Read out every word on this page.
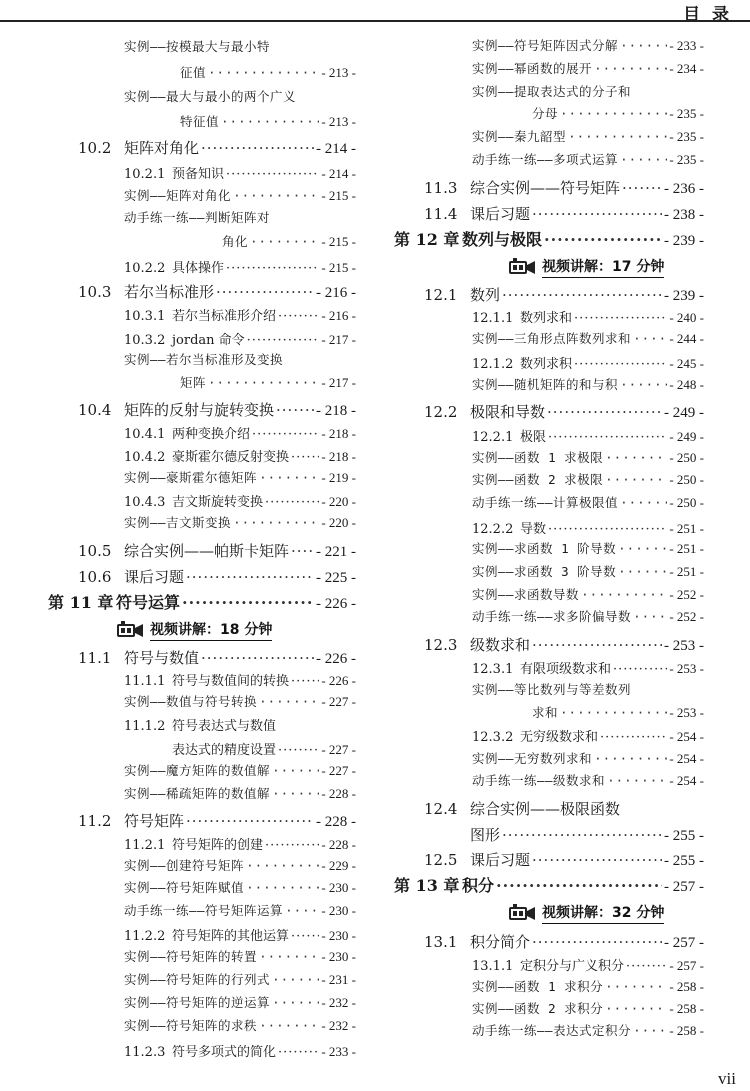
目 录
实例——按模最大与最小特
征值 ·····	- 213 -
实例——最大与最小的两个广义
特征值 ·····	- 213 -
10.2 矩阵对角化 ·····	- 214 -
10.2.1 预备知识 ·····	- 214 -
实例——矩阵对角化 ·····	- 215 -
动手练一练——判断矩阵对
角化 ·····	- 215 -
10.2.2 具体操作 ·····	- 215 -
10.3 若尔当标准形 ·····	- 216 -
10.3.1 若尔当标准形介绍 ·····	- 216 -
10.3.2 jordan 命令 ·····	- 217 -
实例——若尔当标准形及变换
矩阵 ·····	- 217 -
10.4 矩阵的反射与旋转变换 ·····	- 218 -
10.4.1 两种变换介绍 ·····	- 218 -
10.4.2 豪斯霍尔德反射变换 ····· - 218 -
实例——豪斯霍尔德矩阵 ·····	- 219 -
10.4.3 吉文斯旋转变换 ·····	- 220 -
实例——吉文斯变换 ·····	- 220 -
10.5 综合实例——帕斯卡矩阵 ····· - 221 -
10.6 课后习题 ·····	- 225 -
第 11 章 符号运算 ·····	- 226 -
视频讲解：18 分钟
11.1 符号与数值 ·····	- 226 -
11.1.1 符号与数值间的转换 ····· - 226 -
实例——数值与符号转换 ·····	- 227 -
11.1.2 符号表达式与数值
表达式的精度设置 ·····	- 227 -
实例——魔方矩阵的数值解 ·····	- 227 -
实例——稀疏矩阵的数值解 ·····	- 228 -
11.2 符号矩阵 ·····	- 228 -
11.2.1 符号矩阵的创建 ·····	- 228 -
实例——创建符号矩阵 ·····	- 229 -
实例——符号矩阵赋值 ·····	- 230 -
动手练一练——符号矩阵运算 ·····	- 230 -
11.2.2 符号矩阵的其他运算 ····· - 230 -
实例——符号矩阵的转置 ·····	- 230 -
实例——符号矩阵的行列式 ·····	- 231 -
实例——符号矩阵的逆运算 ·····	- 232 -
实例——符号矩阵的求秩 ·····	- 232 -
11.2.3 符号多项式的简化 ·····	- 233 -
实例——符号矩阵因式分解 ·····	- 233 -
实例——幂函数的展开 ·····	- 234 -
实例——提取表达式的分子和
分母 ·····	- 235 -
实例——秦九韶型 ·····	- 235 -
动手练一练——多项式运算 ·····	- 235 -
11.3 综合实例——符号矩阵 ·····	- 236 -
11.4 课后习题 ·····	- 238 -
第 12 章 数列与极限 ·····	- 239 -
视频讲解：17 分钟
12.1 数列 ·····	- 239 -
12.1.1 数列求和 ·····	- 240 -
实例——三角形点阵数列求和 ·····	- 244 -
12.1.2 数列求积 ·····	- 245 -
实例——随机矩阵的和与积 ·····	- 248 -
12.2 极限和导数 ·····	- 249 -
12.2.1 极限 ·····	- 249 -
实例——函数 1 求极限 ·····	- 250 -
实例——函数 2 求极限 ·····	- 250 -
动手练一练——计算极限值 ·····	- 250 -
12.2.2 导数 ·····	- 251 -
实例——求函数 1 阶导数 ·····	- 251 -
实例——求函数 3 阶导数 ·····	- 251 -
实例——求函数导数 ·····	- 252 -
动手练一练——求多阶偏导数 ·····	- 252 -
12.3 级数求和 ·····	- 253 -
12.3.1 有限项级数求和 ·····	- 253 -
实例——等比数列与等差数列
求和 ·····	- 253 -
12.3.2 无穷级数求和 ·····	- 254 -
实例——无穷数列求和 ·····	- 254 -
动手练一练——级数求和 ·····	- 254 -
12.4 综合实例——极限函数
图形 ·····	- 255 -
12.5 课后习题 ·····	- 255 -
第 13 章 积分 ·····	- 257 -
视频讲解：32 分钟
13.1 积分简介 ·····	- 257 -
13.1.1 定积分与广义积分 ·····	- 257 -
实例——函数 1 求积分 ·····	- 258 -
实例——函数 2 求积分 ·····	- 258 -
动手练一练——表达式定积分 ·····	- 258 -
vii
